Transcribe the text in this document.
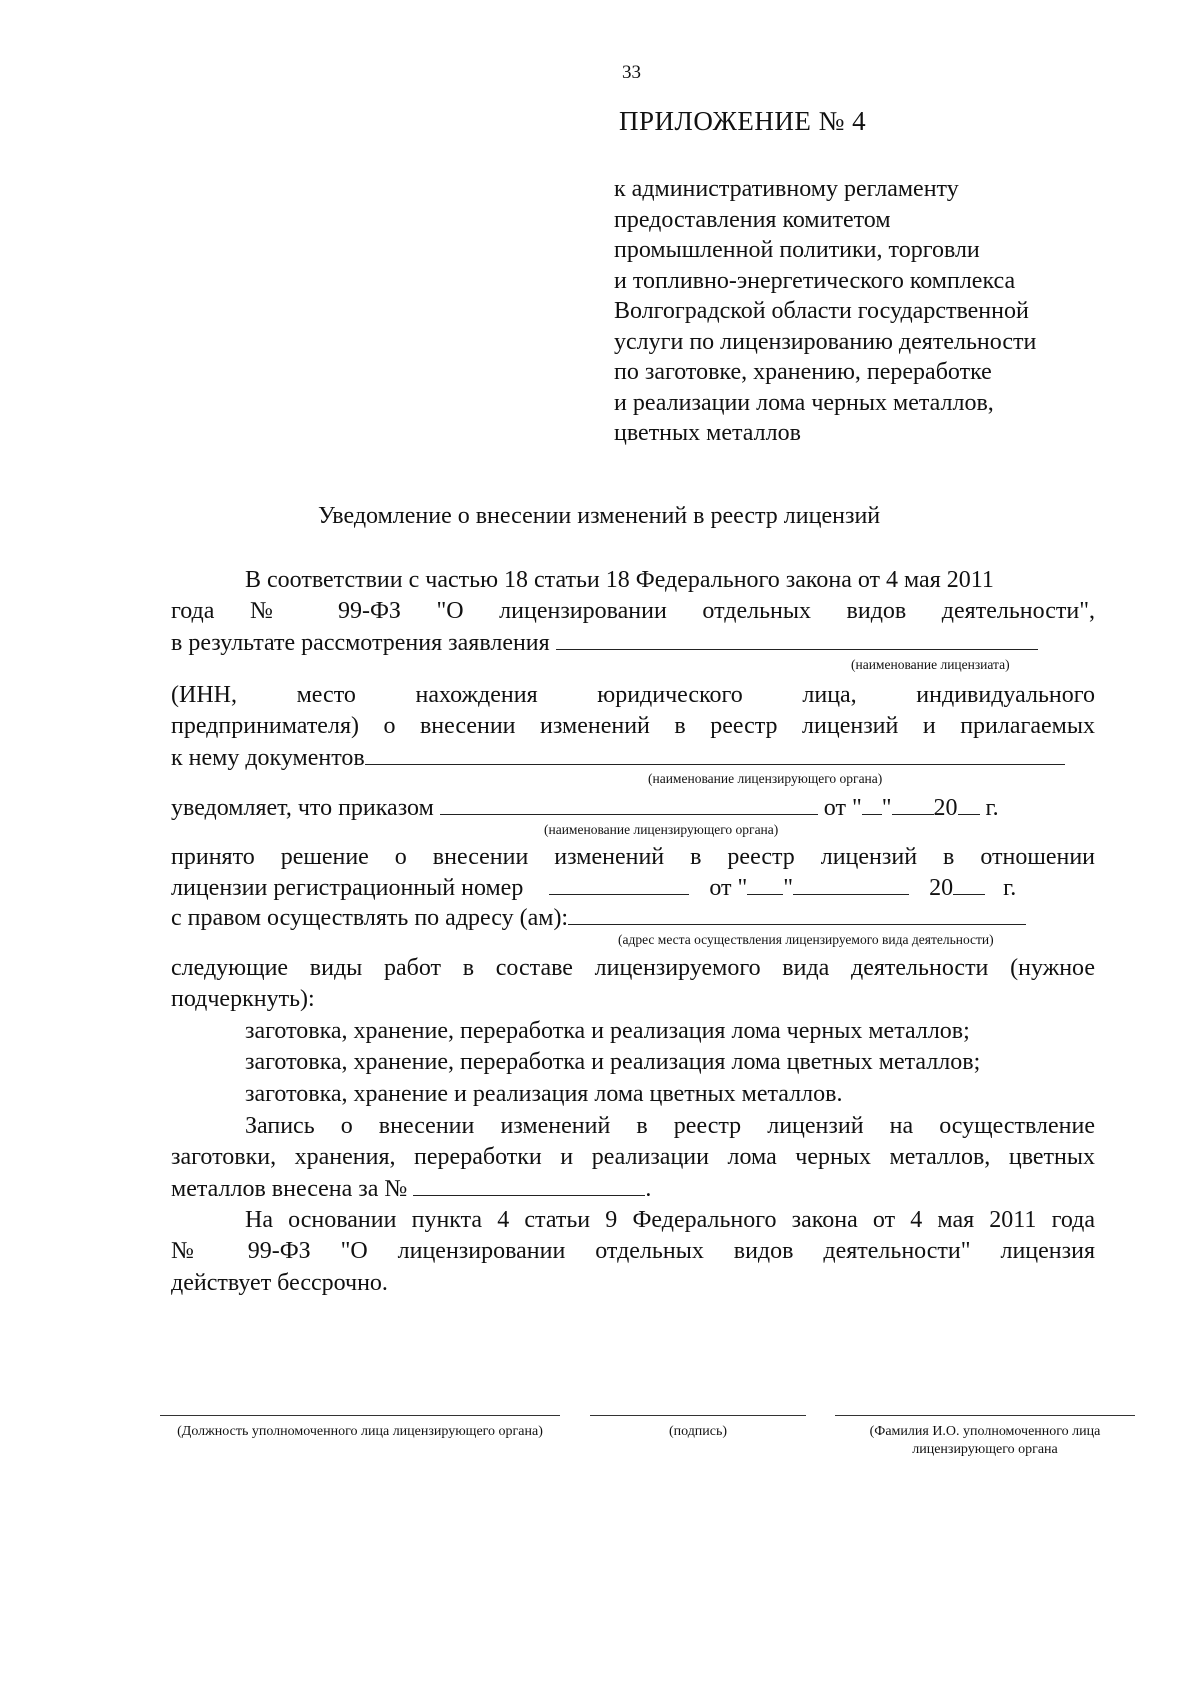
33
ПРИЛОЖЕНИЕ № 4
к административному регламенту
предоставления комитетом
промышленной политики, торговли
и топливно-энергетического комплекса
Волгоградской области государственной
услуги по лицензированию деятельности
по заготовке, хранению, переработке
и реализации лома черных металлов,
цветных металлов
Уведомление о внесении изменений в реестр лицензий
В соответствии с частью 18 статьи 18 Федерального закона от 4 мая 2011
года № 99-ФЗ "О лицензировании отдельных видов деятельности",
в результате рассмотрения заявления
(наименование лицензиата)
(ИНН, место нахождения юридического лица, индивидуального
предпринимателя) о внесении изменений в реестр лицензий и прилагаемых
к нему документов
(наименование лицензирующего органа)
уведомляет, что приказом	от " " 20 г.
(наименование лицензирующего органа)
принято решение о внесении изменений в реестр лицензий в отношении
лицензии регистрационный номер	от " "	20 г.
с правом осуществлять по адресу (ам):
(адрес места осуществления лицензируемого вида деятельности)
следующие виды работ в составе лицензируемого вида деятельности (нужное
подчеркнуть):
заготовка, хранение, переработка и реализация лома черных металлов;
заготовка, хранение, переработка и реализация лома цветных металлов;
заготовка, хранение и реализация лома цветных металлов.
Запись о внесении изменений в реестр лицензий на осуществление
заготовки, хранения, переработки и реализации лома черных металлов, цветных
металлов внесена за №	.
На основании пункта 4 статьи 9 Федерального закона от 4 мая 2011 года
№ 99-ФЗ "О лицензировании отдельных видов деятельности" лицензия
действует бессрочно.
(Должность уполномоченного лица лицензирующего органа)	(подпись)	(Фамилия И.О. уполномоченного лица лицензирующего органа
